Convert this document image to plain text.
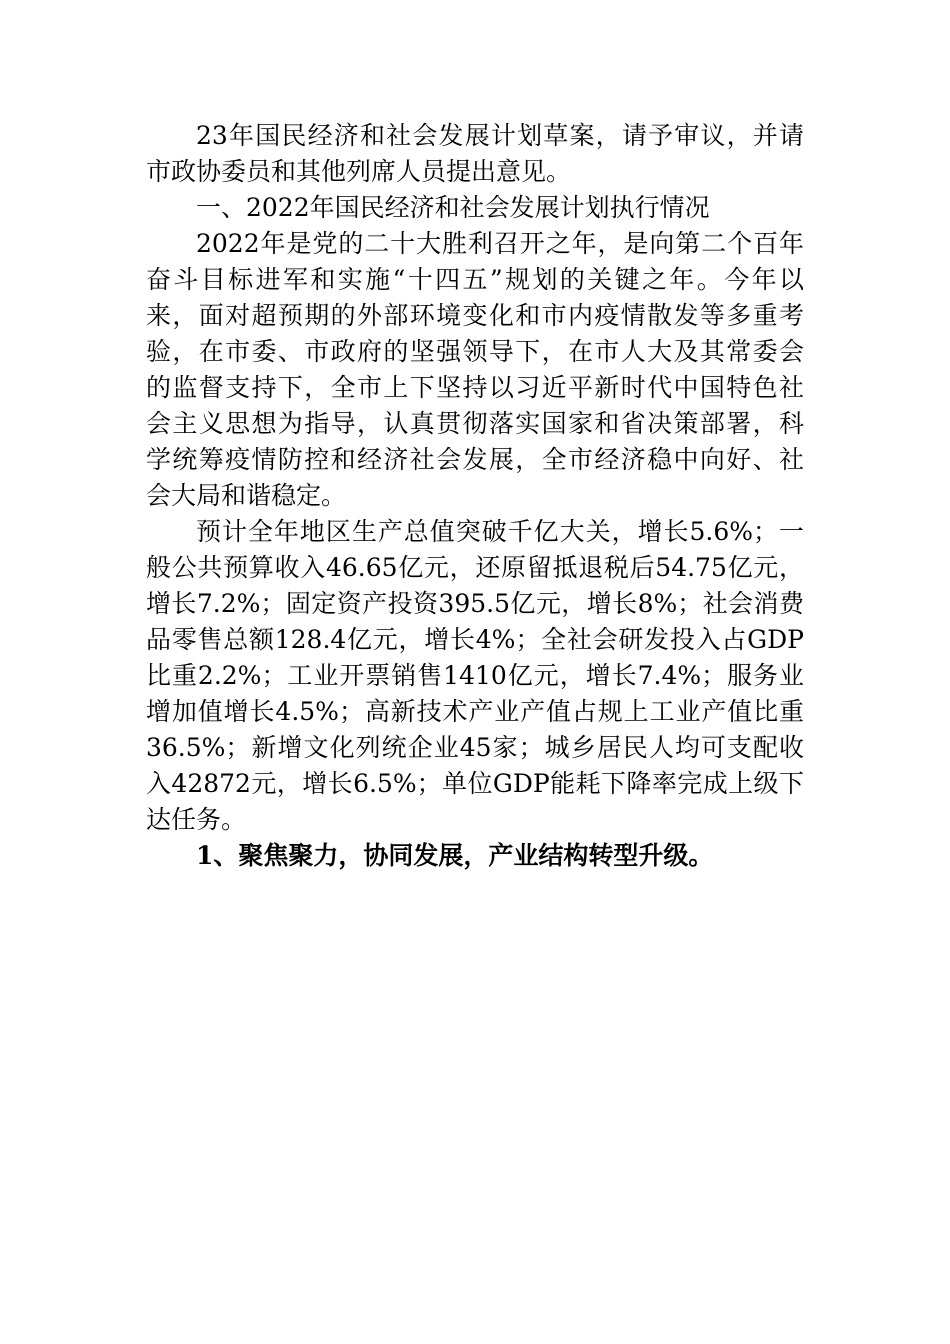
23年国民经济和社会发展计划草案，请予审议，并请
市政协委员和其他列席人员提出意见。
一、2022年国民经济和社会发展计划执行情况
2022年是党的二十大胜利召开之年，是向第二个百年
奋斗目标进军和实施“十四五”规划的关键之年。今年以
来，面对超预期的外部环境变化和市内疫情散发等多重考
验，在市委、市政府的坚强领导下，在市人大及其常委会
的监督支持下，全市上下坚持以习近平新时代中国特色社
会主义思想为指导，认真贯彻落实国家和省决策部署，科
学统筹疫情防控和经济社会发展，全市经济稳中向好、社
会大局和谐稳定。
预计全年地区生产总值突破千亿大关，增长5.6%；一
般公共预算收入46.65亿元，还原留抵退税后54.75亿元，
增长7.2%；固定资产投资395.5亿元，增长8%；社会消费
品零售总额128.4亿元，增长4%；全社会研发投入占GDP
比重2.2%；工业开票销售1410亿元，增长7.4%；服务业
增加值增长4.5%；高新技术产业产值占规上工业产值比重
36.5%；新增文化列统企业45家；城乡居民人均可支配收
入42872元，增长6.5%；单位GDP能耗下降率完成上级下
达任务。
1、聚焦聚力，协同发展，产业结构转型升级。
